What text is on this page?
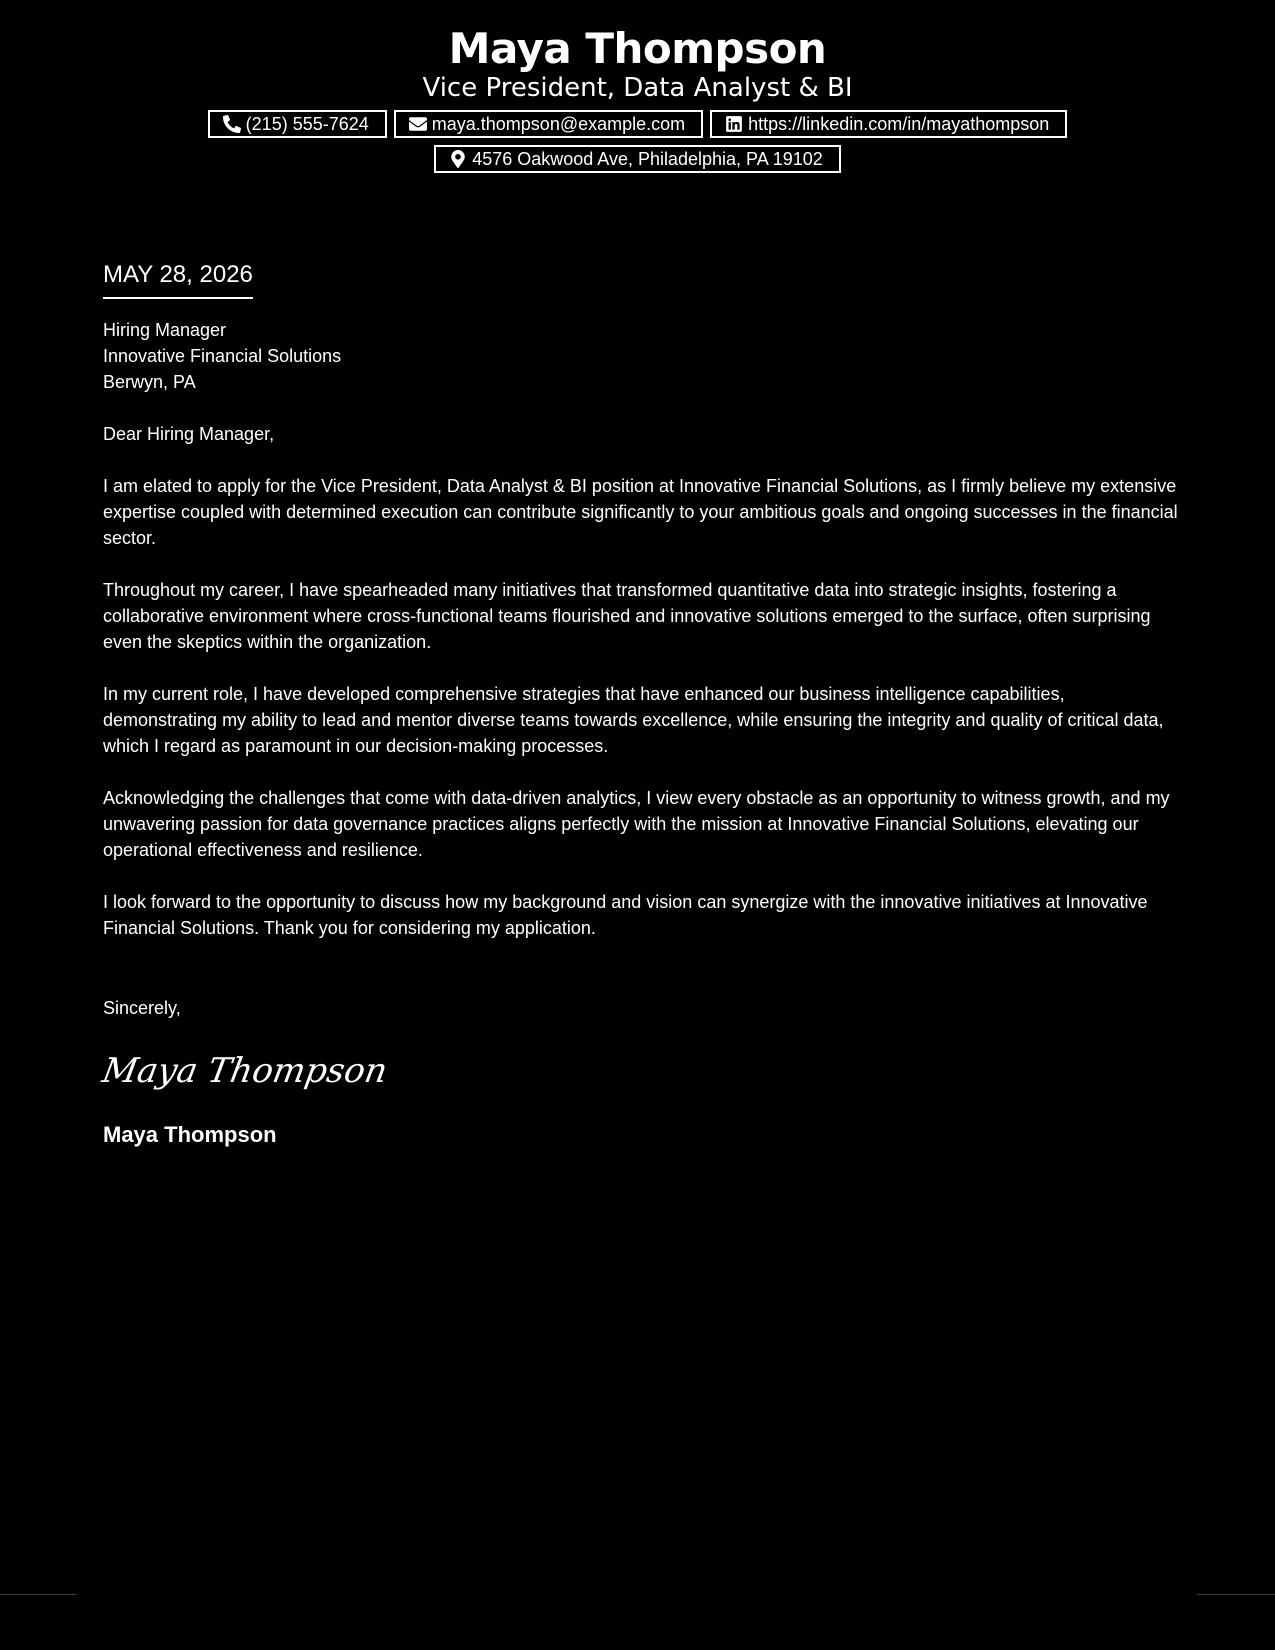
Maya Thompson
Vice President, Data Analyst & BI
(215) 555-7624	maya.thompson@example.com	https://linkedin.com/in/mayathompson
4576 Oakwood Ave, Philadelphia, PA 19102
MAY 28, 2026
Hiring Manager
Innovative Financial Solutions
Berwyn, PA
Dear Hiring Manager,
I am elated to apply for the Vice President, Data Analyst & BI position at Innovative Financial Solutions, as I firmly believe my extensive expertise coupled with determined execution can contribute significantly to your ambitious goals and ongoing successes in the financial sector.
Throughout my career, I have spearheaded many initiatives that transformed quantitative data into strategic insights, fostering a collaborative environment where cross-functional teams flourished and innovative solutions emerged to the surface, often surprising even the skeptics within the organization.
In my current role, I have developed comprehensive strategies that have enhanced our business intelligence capabilities, demonstrating my ability to lead and mentor diverse teams towards excellence, while ensuring the integrity and quality of critical data, which I regard as paramount in our decision-making processes.
Acknowledging the challenges that come with data-driven analytics, I view every obstacle as an opportunity to witness growth, and my unwavering passion for data governance practices aligns perfectly with the mission at Innovative Financial Solutions, elevating our operational effectiveness and resilience.
I look forward to the opportunity to discuss how my background and vision can synergize with the innovative initiatives at Innovative Financial Solutions. Thank you for considering my application.
Sincerely,
Maya Thompson
Maya Thompson
